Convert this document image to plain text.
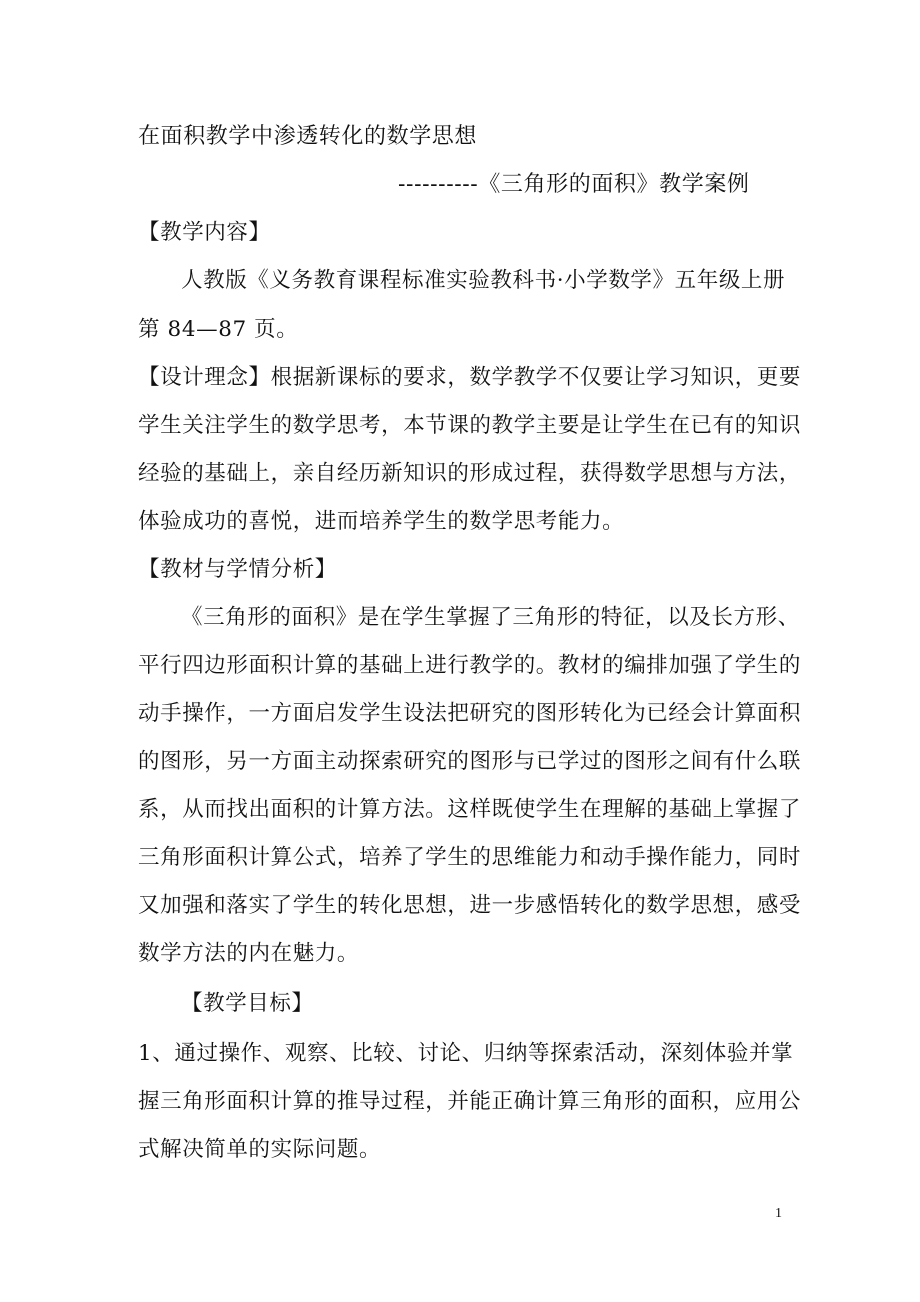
在面积教学中渗透转化的数学思想
----------《三角形的面积》教学案例
【教学内容】
人教版《义务教育课程标准实验教科书·小学数学》五年级上册
第 84—87 页。
【设计理念】根据新课标的要求，数学教学不仅要让学习知识，更要
学生关注学生的数学思考，本节课的教学主要是让学生在已有的知识
经验的基础上，亲自经历新知识的形成过程，获得数学思想与方法，
体验成功的喜悦，进而培养学生的数学思考能力。
【教材与学情分析】
《三角形的面积》是在学生掌握了三角形的特征，以及长方形、
平行四边形面积计算的基础上进行教学的。教材的编排加强了学生的
动手操作，一方面启发学生设法把研究的图形转化为已经会计算面积
的图形，另一方面主动探索研究的图形与已学过的图形之间有什么联
系，从而找出面积的计算方法。这样既使学生在理解的基础上掌握了
三角形面积计算公式，培养了学生的思维能力和动手操作能力，同时
又加强和落实了学生的转化思想，进一步感悟转化的数学思想，感受
数学方法的内在魅力。
【教学目标】
1、通过操作、观察、比较、讨论、归纳等探索活动，深刻体验并掌
握三角形面积计算的推导过程，并能正确计算三角形的面积，应用公
式解决简单的实际问题。
1
